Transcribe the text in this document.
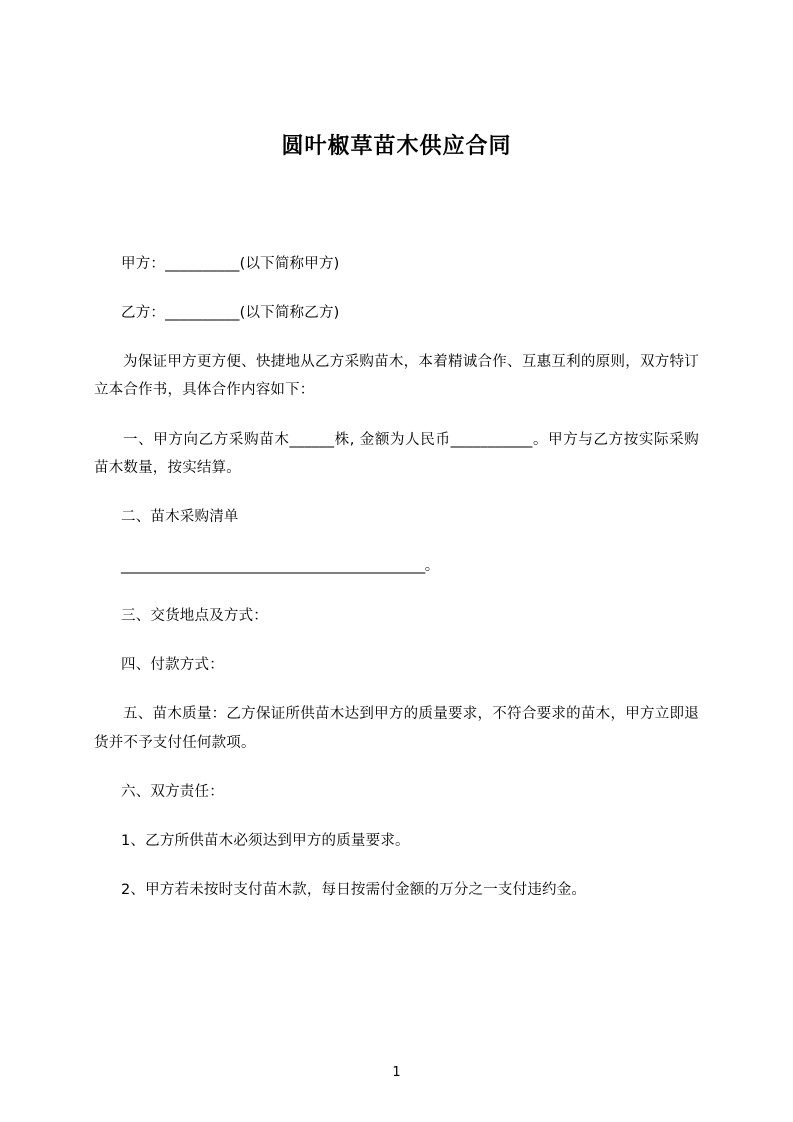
圆叶椒草苗木供应合同

甲方：__________(以下简称甲方)

乙方：__________(以下简称乙方)

为保证甲方更方便、快捷地从乙方采购苗木，本着精诚合作、互惠互利的原则，双方特订立本合作书，具体合作内容如下：

一、甲方向乙方采购苗木______株, 金额为人民币___________。甲方与乙方按实际采购苗木数量，按实结算。

二、苗木采购清单

_____________________________________________。

三、交货地点及方式：

四、付款方式：

五、苗木质量：乙方保证所供苗木达到甲方的质量要求，不符合要求的苗木，甲方立即退货并不予支付任何款项。

六、双方责任：

1、乙方所供苗木必须达到甲方的质量要求。

2、甲方若未按时支付苗木款，每日按需付金额的万分之一支付违约金。

1
